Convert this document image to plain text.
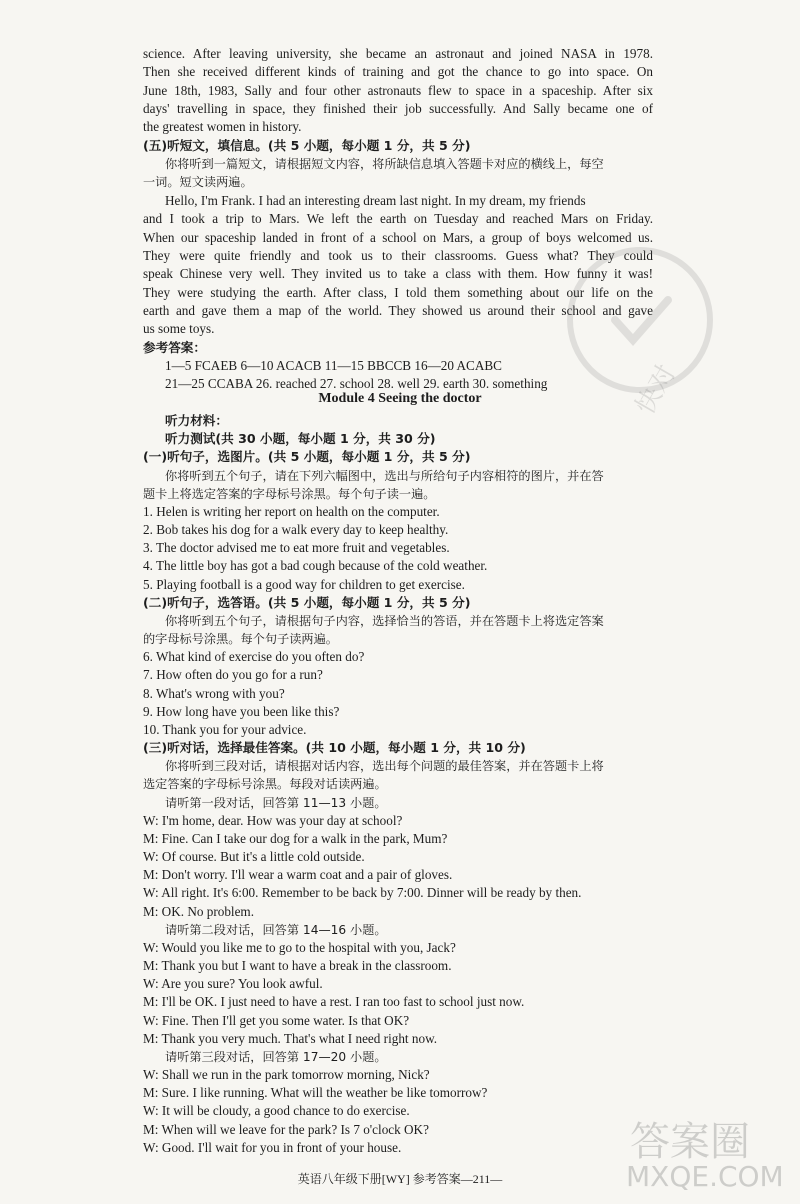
science. After leaving university, she became an astronaut and joined NASA in 1978.
Then she received different kinds of training and got the chance to go into space. On
June 18th, 1983, Sally and four other astronauts flew to space in a spaceship. After six
days' travelling in space, they finished their job successfully. And Sally became one of
the greatest women in history.
(五)听短文，填信息。(共 5 小题，每小题 1 分，共 5 分)
你将听到一篇短文，请根据短文内容，将所缺信息填入答题卡对应的横线上，每空
一词。短文读两遍。
Hello, I'm Frank. I had an interesting dream last night. In my dream, my friends
and I took a trip to Mars. We left the earth on Tuesday and reached Mars on Friday.
When our spaceship landed in front of a school on Mars, a group of boys welcomed us.
They were quite friendly and took us to their classrooms. Guess what? They could
speak Chinese very well. They invited us to take a class with them. How funny it was!
They were studying the earth. After class, I told them something about our life on the
earth and gave them a map of the world. They showed us around their school and gave
us some toys.
参考答案：
1—5 FCAEB 6—10 ACACB 11—15 BBCCB 16—20 ACABC
21—25 CCABA 26. reached 27. school 28. well 29. earth 30. something
听力材料：
听力测试(共 30 小题，每小题 1 分，共 30 分)
(一)听句子，选图片。(共 5 小题，每小题 1 分，共 5 分)
你将听到五个句子，请在下列六幅图中，选出与所给句子内容相符的图片，并在答
题卡上将选定答案的字母标号涂黑。每个句子读一遍。
1. Helen is writing her report on health on the computer.
2. Bob takes his dog for a walk every day to keep healthy.
3. The doctor advised me to eat more fruit and vegetables.
4. The little boy has got a bad cough because of the cold weather.
5. Playing football is a good way for children to get exercise.
(二)听句子，选答语。(共 5 小题，每小题 1 分，共 5 分)
你将听到五个句子，请根据句子内容，选择恰当的答语，并在答题卡上将选定答案
的字母标号涂黑。每个句子读两遍。
6. What kind of exercise do you often do?
7. How often do you go for a run?
8. What's wrong with you?
9. How long have you been like this?
10. Thank you for your advice.
(三)听对话，选择最佳答案。(共 10 小题，每小题 1 分，共 10 分)
你将听到三段对话，请根据对话内容，选出每个问题的最佳答案，并在答题卡上将
选定答案的字母标号涂黑。每段对话读两遍。
请听第一段对话，回答第 11—13 小题。
W: I'm home, dear. How was your day at school?
M: Fine. Can I take our dog for a walk in the park, Mum?
W: Of course. But it's a little cold outside.
M: Don't worry. I'll wear a warm coat and a pair of gloves.
W: All right. It's 6:00. Remember to be back by 7:00. Dinner will be ready by then.
M: OK. No problem.
请听第二段对话，回答第 14—16 小题。
W: Would you like me to go to the hospital with you, Jack?
M: Thank you but I want to have a break in the classroom.
W: Are you sure? You look awful.
M: I'll be OK. I just need to have a rest. I ran too fast to school just now.
W: Fine. Then I'll get you some water. Is that OK?
M: Thank you very much. That's what I need right now.
请听第三段对话，回答第 17—20 小题。
W: Shall we run in the park tomorrow morning, Nick?
M: Sure. I like running. What will the weather be like tomorrow?
W: It will be cloudy, a good chance to do exercise.
M: When will we leave for the park? Is 7 o'clock OK?
W: Good. I'll wait for you in front of your house.
Module 4 Seeing the doctor
英语八年级下册[WY] 参考答案—211—
快对
答案圈
MXQE.COM
